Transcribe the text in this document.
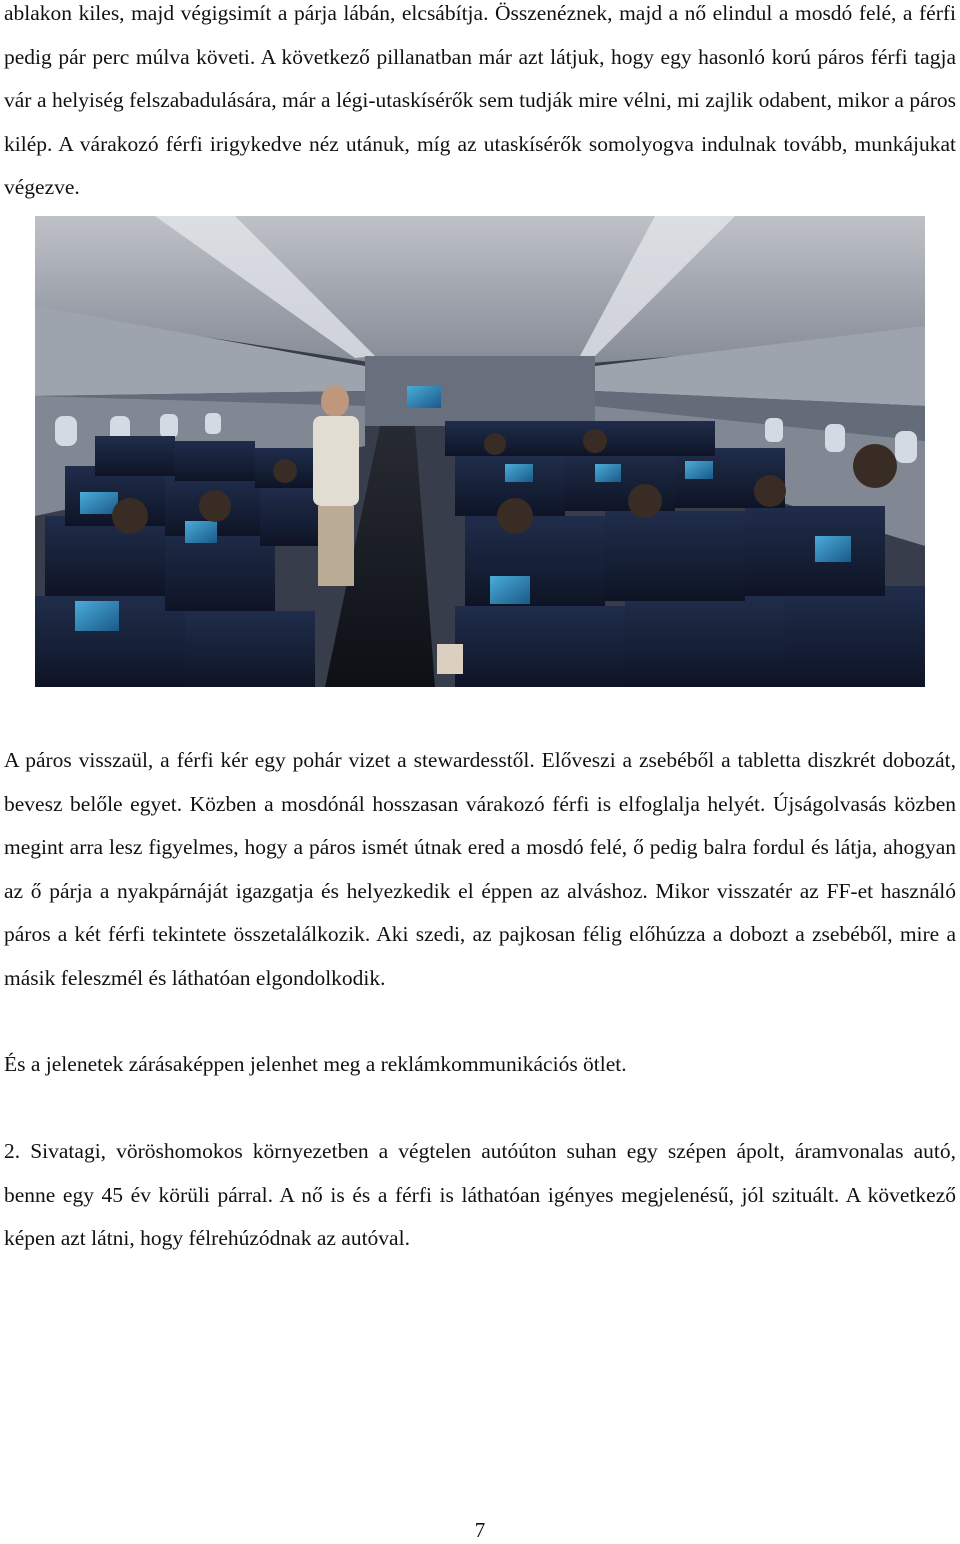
ablakon kiles, majd végigsimít a párja lábán, elcsábítja. Összenéznek, majd a nő elindul a mosdó felé, a férfi pedig pár perc múlva követi. A következő pillanatban már azt látjuk, hogy egy hasonló korú páros férfi tagja vár a helyiség felszabadulására, már a légi-utaskísérők sem tudják mire vélni, mi zajlik odabent, mikor a páros kilép. A várakozó férfi irigykedve néz utánuk, míg az utaskísérők somolyogva indulnak tovább, munkájukat végezve.

A páros visszaül, a férfi kér egy pohár vizet a stewardesstől. Előveszi a zsebéből a tabletta diszkrét dobozát, bevesz belőle egyet. Közben a mosdónál hosszasan várakozó férfi is elfoglalja helyét. Újságolvasás közben megint arra lesz figyelmes, hogy a páros ismét útnak ered a mosdó felé, ő pedig balra fordul és látja, ahogyan az ő párja a nyakpárnáját igazgatja és helyezkedik el éppen az alváshoz. Mikor visszatér az FF-et használó páros a két férfi tekintete összetalálkozik. Aki szedi, az pajkosan félig előhúzza a dobozt a zsebéből, mire a másik feleszmél és láthatóan elgondolkodik.

És a jelenetek zárásaképpen jelenhet meg a reklámkommunikációs ötlet.

2. Sivatagi, vöröshomokos környezetben a végtelen autóúton suhan egy szépen ápolt, áramvonalas autó, benne egy 45 év körüli párral. A nő is és a férfi is láthatóan igényes megjelenésű, jól szituált. A következő képen azt látni, hogy félrehúzódnak az autóval.

7
